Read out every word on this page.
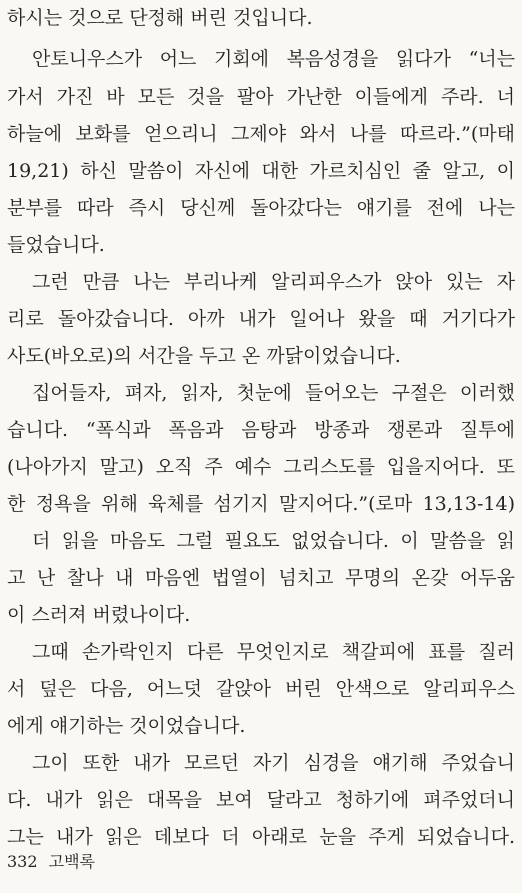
하시는 것으로 단정해 버린 것입니다.
안토니우스가 어느 기회에 복음성경을 읽다가 “너는
가서 가진 바 모든 것을 팔아 가난한 이들에게 주라. 너
하늘에 보화를 얻으리니 그제야 와서 나를 따르라.”(마태
19,21) 하신 말씀이 자신에 대한 가르치심인 줄 알고, 이
분부를 따라 즉시 당신께 돌아갔다는 얘기를 전에 나는
들었습니다.
그런 만큼 나는 부리나케 알리피우스가 앉아 있는 자
리로 돌아갔습니다. 아까 내가 일어나 왔을 때 거기다가
사도(바오로)의 서간을 두고 온 까닭이었습니다.
집어들자, 펴자, 읽자, 첫눈에 들어오는 구절은 이러했
습니다. “폭식과 폭음과 음탕과 방종과 쟁론과 질투에
(나아가지 말고) 오직 주 예수 그리스도를 입을지어다. 또
한 정욕을 위해 육체를 섬기지 말지어다.”(로마 13,13-14)
더 읽을 마음도 그럴 필요도 없었습니다. 이 말씀을 읽
고 난 찰나 내 마음엔 법열이 넘치고 무명의 온갖 어두움
이 스러져 버렸나이다.
그때 손가락인지 다른 무엇인지로 책갈피에 표를 질러
서 덮은 다음, 어느덧 갈앉아 버린 안색으로 알리피우스
에게 얘기하는 것이었습니다.
그이 또한 내가 모르던 자기 심경을 얘기해 주었습니
다. 내가 읽은 대목을 보여 달라고 청하기에 펴주었더니
그는 내가 읽은 데보다 더 아래로 눈을 주게 되었습니다.
332 고백록
